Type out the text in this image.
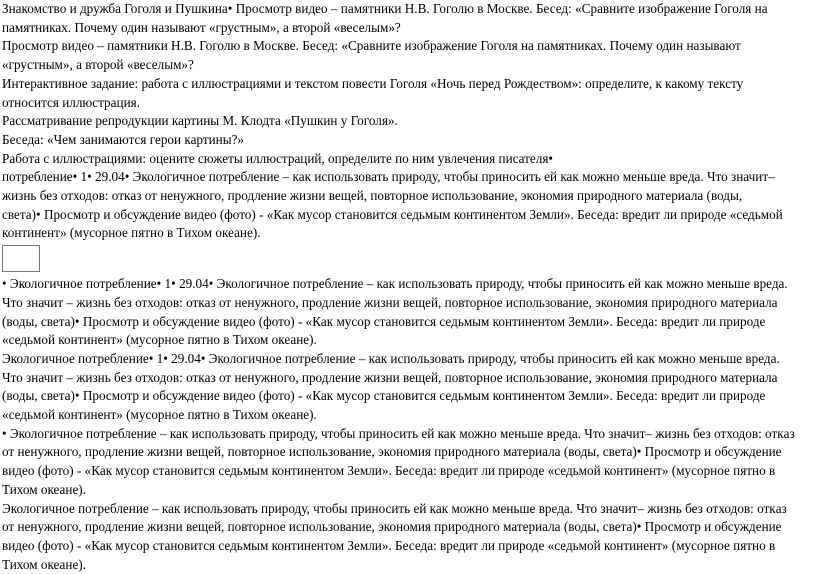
Знакомство и дружба Гоголя и Пушкина• Просмотр видео – памятники Н.В. Гоголю в Москве. Бесед: «Сравните изображение Гоголя на

памятниках. Почему один называют «грустным», а второй «веселым»?

Просмотр видео – памятники Н.В. Гоголю в Москве. Бесед: «Сравните изображение Гоголя на памятниках. Почему один называют

«грустным», а второй «веселым»?

Интерактивное задание: работа с иллюстрациями и текстом повести Гоголя «Ночь перед Рождеством»: определите, к какому тексту

относится иллюстрация.

Рассматривание репродукции картины М. Клодта «Пушкин у Гоголя».

Беседа: «Чем занимаются герои картины?»

Работа с иллюстрациями: оцените сюжеты иллюстраций, определите по ним увлечения писателя•

потребление• 1• 29.04• Экологичное потребление – как использовать природу, чтобы приносить ей как можно меньше вреда. Что значит–

жизнь без отходов: откaз от ненужного, продление жизни вещей, повторное использование, экономия природного материала (воды,

света)• Просмотр и обсуждение видео (фото) - «Как мусор становится седьмым континентом Земли». Беседа: вредит ли природе «седьмой

континент» (мусорное пятно в Тихом океане).

• Экологичное потребление• 1• 29.04• Экологичное потребление – как использовать природу, чтобы приносить ей как можно меньше вреда.

Что значит – жизнь без отходов: откaз от ненужного, продление жизни вещей, повторное использование, экономия природного материала

(воды, света)• Просмотр и обсуждение видео (фото) - «Как мусор становится седьмым континентом Земли». Беседа: вредит ли природе

«седьмой континент» (мусорное пятно в Тихом океане).

Экологичное потребление• 1• 29.04• Экологичное потребление – как использовать природу, чтобы приносить ей как можно меньше вреда.

Что значит – жизнь без отходов: откaз от ненужного, продление жизни вещей, повторное использование, экономия природного материала

(воды, света)• Просмотр и обсуждение видео (фото) - «Как мусор становится седьмым континентом Земли». Беседа: вредит ли природе

«седьмой континент» (мусорное пятно в Тихом океане).

• Экологичное потребление – как использовать природу, чтобы приносить ей как можно меньше вреда. Что значит– жизнь без отходов: откaз

от ненужного, продление жизни вещей, повторное использование, экономия природного материала (воды, света)• Просмотр и обсуждение

видео (фото) - «Как мусор становится седьмым континентом Земли». Беседа: вредит ли природе «седьмой континент» (мусорное пятно в

Тихом океане).

Экологичное потребление – как использовать природу, чтобы приносить ей как можно меньше вреда. Что значит– жизнь без отходов: откaз

от ненужного, продление жизни вещей, повторное использование, экономия природного материала (воды, света)• Просмотр и обсуждение

видео (фото) - «Как мусор становится седьмым континентом Земли». Беседа: вредит ли природе «седьмой континент» (мусорное пятно в

Тихом океане).
